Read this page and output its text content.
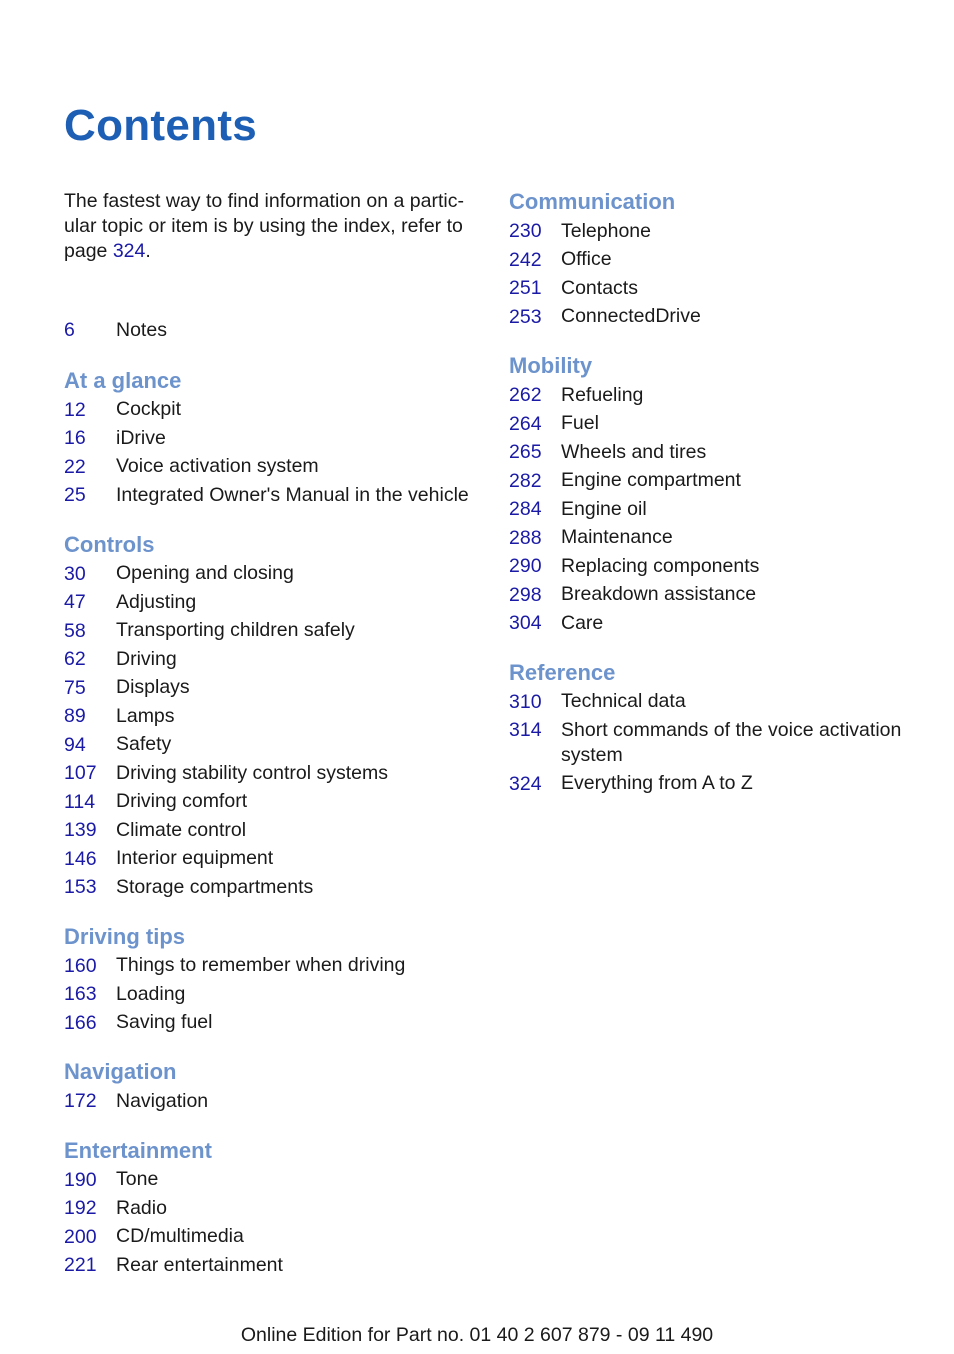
Contents

The fastest way to find information on a partic-ular topic or item is by using the index, refer to page 324.

6	Notes
At a glance
12	Cockpit
16	iDrive
22	Voice activation system
25	Integrated Owner's Manual in the vehicle
Controls
30	Opening and closing
47	Adjusting
58	Transporting children safely
62	Driving
75	Displays
89	Lamps
94	Safety
107 Driving stability control systems
114	Driving comfort
139 Climate control
146 Interior equipment
153 Storage compartments
Driving tips
160 Things to remember when driving
163 Loading
166 Saving fuel
Navigation
172 Navigation
Entertainment
190 Tone
192 Radio
200 CD/multimedia
221 Rear entertainment
Communication
230 Telephone
242 Office
251 Contacts
253 ConnectedDrive
Mobility
262 Refueling
264 Fuel
265 Wheels and tires
282 Engine compartment
284 Engine oil
288 Maintenance
290 Replacing components
298 Breakdown assistance
304 Care
Reference
310 Technical data
314 Short commands of the voice activation system
324 Everything from A to Z
Online Edition for Part no. 01 40 2 607 879 - 09 11 490
